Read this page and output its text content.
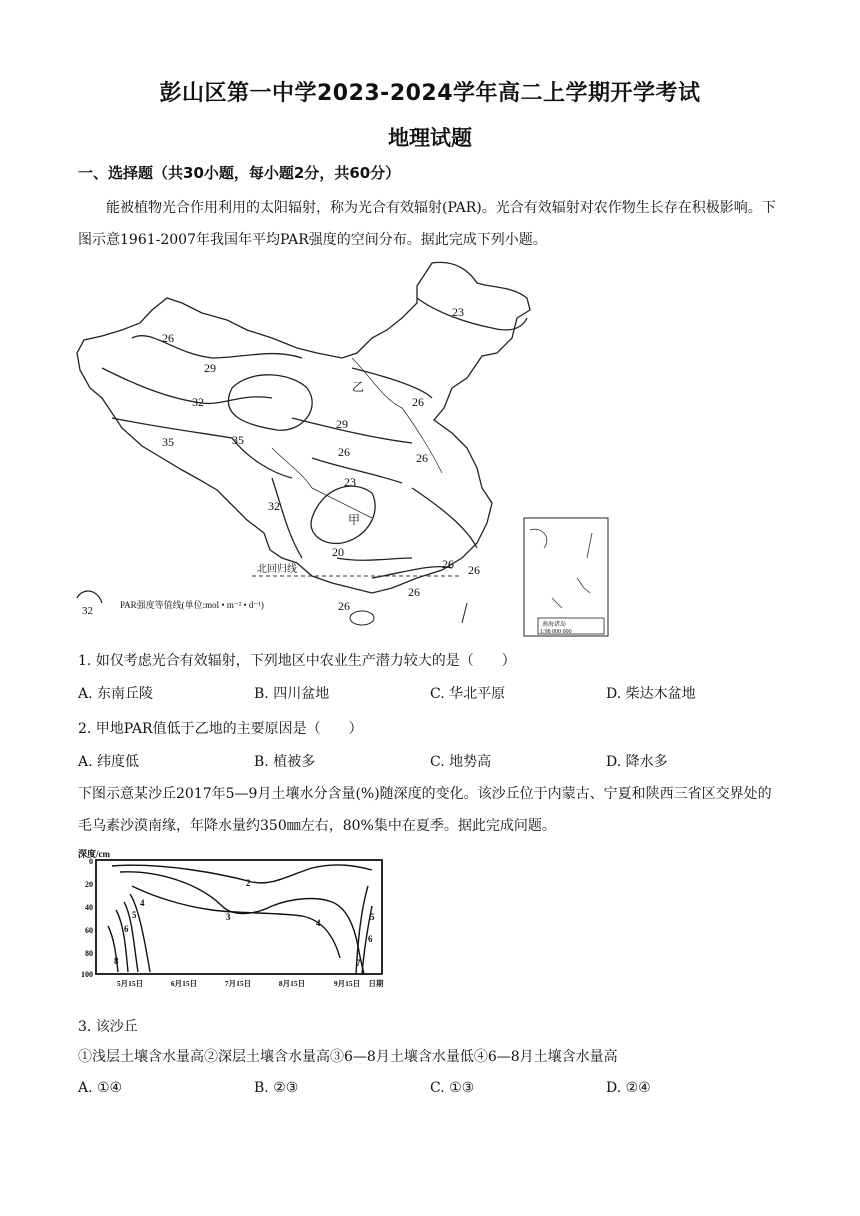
彭山区第一中学2023-2024学年高二上学期开学考试
地理试题
一、选择题（共30小题，每小题2分，共60分）
能被植物光合作用利用的太阳辐射，称为光合有效辐射(PAR)。光合有效辐射对农作物生长存在积极影响。下图示意1961-2007年我国年平均PAR强度的空间分布。据此完成下列小题。
23
26
29
32
35	35
29
26
26	26
23
32
20
26 26
26
26
乙
甲
北回归线
32	PAR强度等值线(单位:mol • m⁻² • d⁻¹)
南海诸岛
1:98 000 000
1. 如仅考虑光合有效辐射，下列地区中农业生产潜力较大的是（　　）
A. 东南丘陵	B. 四川盆地	C. 华北平原	D. 柴达木盆地
2. 甲地PAR值低于乙地的主要原因是（　　）
A. 纬度低	B. 植被多	C. 地势高	D. 降水多
下图示意某沙丘2017年5—9月土壤水分含量(%)随深度的变化。该沙丘位于内蒙古、宁夏和陕西三省区交界处的毛乌素沙漠南缘，年降水量约350㎜左右，80%集中在夏季。据此完成问题。
深度/cm
0
20
40
60
80
100
5月15日	6月15日	7月15日	8月15日	9月15日 日期
2
3
4
4
5	5
6
6
7
8
3. 该沙丘
①浅层土壤含水量高②深层土壤含水量高③6—8月土壤含水量低④6—8月土壤含水量高
A. ①④	B. ②③	C. ①③	D. ②④
